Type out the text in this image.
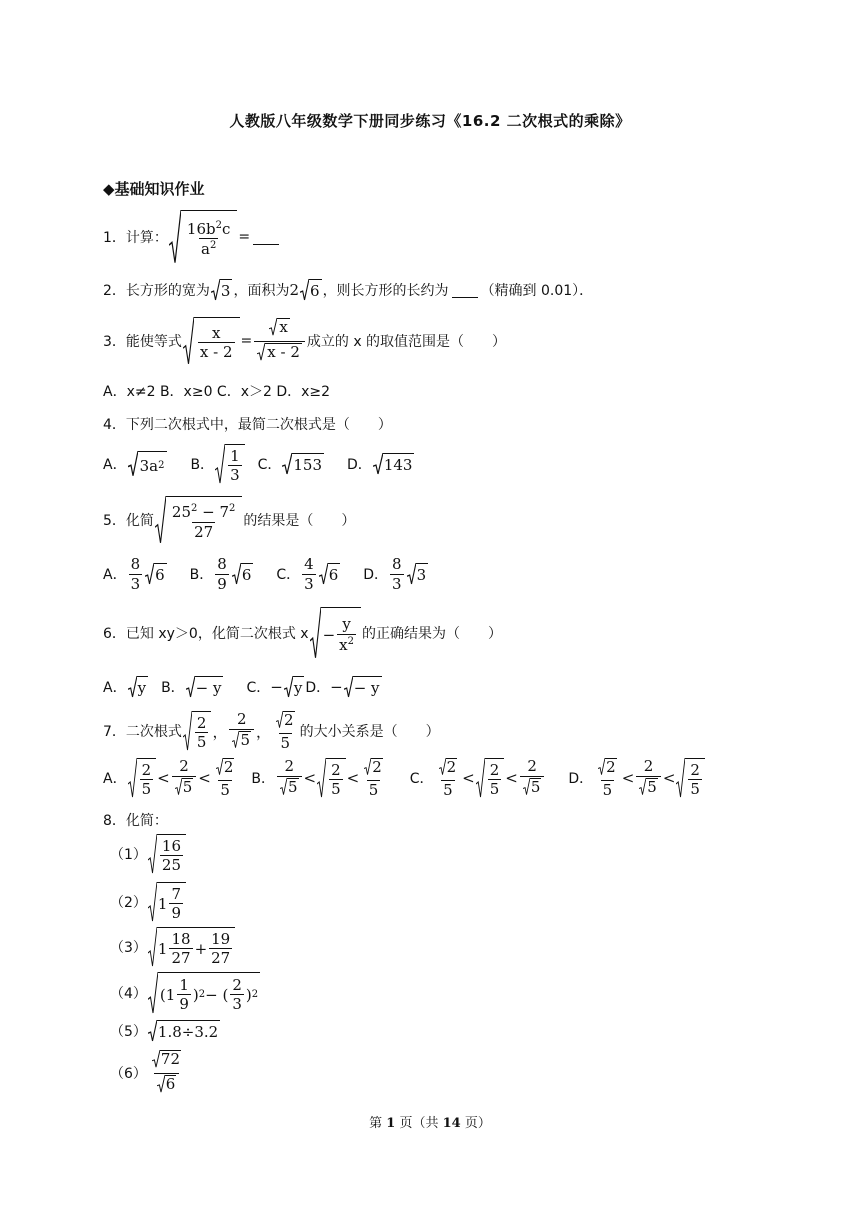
人教版八年级数学下册同步练习《16.2 二次根式的乘除》
◆基础知识作业
1．计算： $\frac{16b^2c}{a^2}$ =
2．长方形的宽为 3 ，面积为 2 6 ，则长方形的长约为 （精确到 0.01）．
3．能使等式 $\frac{x}{x - 2} = \frac{x}{x - 2}$ 成立的 x 的取值范围是（　　）
A．x≠2 B．x≥0 C．x＞2 D．x≥2
4．下列二次根式中，最简二次根式是（　　）
A． 3a 2 B． $\frac{1}{3}$ C． 153 D． 143
5．化简 $\frac{25^2 - 7^2}{27}$ 的结果是（　　）
A． $\frac{8}{3} 6$ B． $\frac{8}{9} 6$ C． $\frac{4}{3} 6$ D． $\frac{8}{3} 3$
6．已知 xy＞0，化简二次根式 $x - \frac{y}{x^2}$ 的正确结果为（　　）
A． y B． − y C． − y D． − − y
7．二次根式 $\frac{2}{5}$ ， $\frac{2}{5}$ ， $\frac{2}{5}$ 的大小关系是（　　）
A． $\frac{2}{5} < \frac{2}{5} < \frac{2}{5}$ B． $\frac{2}{5} < \frac{2}{5} < \frac{2}{5}$ C． $\frac{2}{5} < \frac{2}{5} < \frac{2}{5}$ D． $\frac{2}{5} < \frac{2}{5} < \frac{2}{5}$
8．化简：
$(1) \frac{16}{25}$
（2） $1 \frac{7}{9}$
（3） $1 \frac{18}{27} + \frac{19}{27}$
（4） ($1 \frac{1}{9}$ ) 2 − ( $\frac{2}{3}$ ) 2
（5） 1.8÷3.2
$(6) \frac{72}{6}$
第 1 页（共 14 页）
